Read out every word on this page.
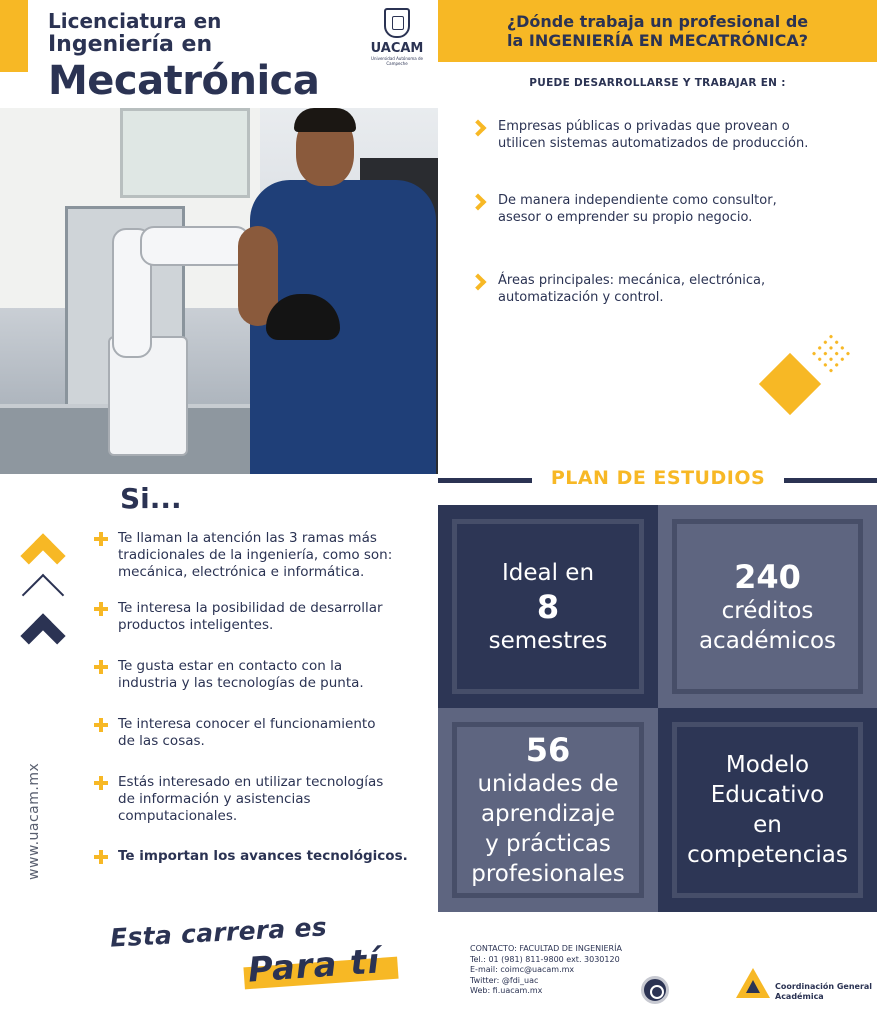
Licenciatura en
Ingeniería en
Mecatrónica
UACAM
Universidad Autónoma de Campeche
¿Dónde trabaja un profesional de
la INGENIERÍA EN MECATRÓNICA?
PUEDE DESARROLLARSE Y TRABAJAR EN :
Empresas públicas o privadas que provean o
utilicen sistemas automatizados de producción.
De manera independiente como consultor,
asesor o emprender su propio negocio.
Áreas principales: mecánica, electrónica,
automatización y control.
Si...
Te llaman la atención las 3 ramas más
tradicionales de la ingeniería, como son:
mecánica, electrónica e informática.
Te interesa la posibilidad de desarrollar
productos inteligentes.
Te gusta estar en contacto con la
industria y las tecnologías de punta.
Te interesa conocer el funcionamiento
de las cosas.
Estás interesado en utilizar tecnologías
de información y asistencias
computacionales.
Te importan los avances tecnológicos.
www.uacam.mx
Esta carrera es
Para tí
PLAN DE ESTUDIOS
Ideal en
8
semestres
240
créditos
académicos
56
unidades de
aprendizaje
y prácticas
profesionales
Modelo
Educativo
en
competencias
CONTACTO: FACULTAD DE INGENIERÍA
Tel.: 01 (981) 811-9800 ext. 3030120
E-mail: coimc@uacam.mx
Twitter: @fdi_uac
Web: fi.uacam.mx	Coordinación General
Académica
